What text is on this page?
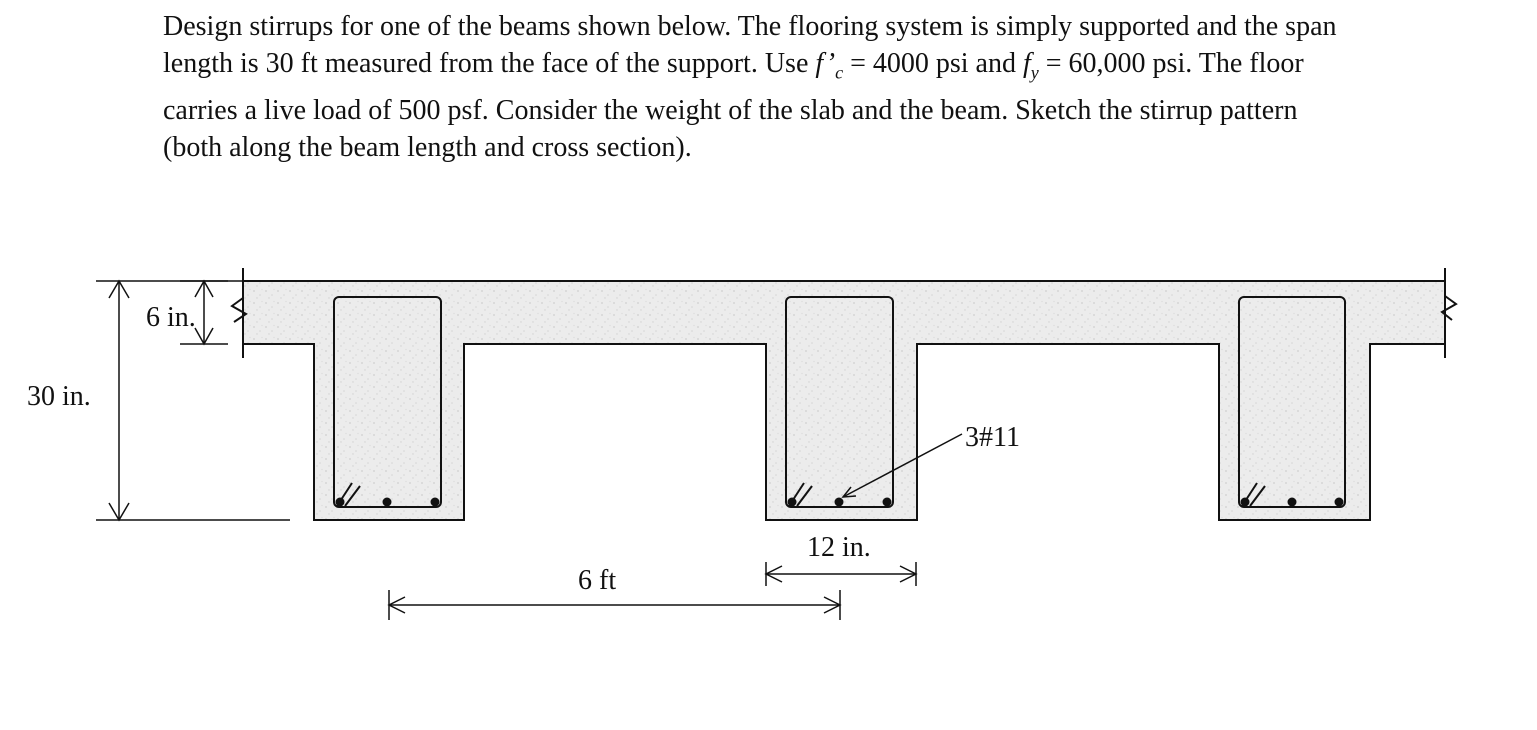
Design stirrups for one of the beams shown below. The flooring system is simply supported and the span
length is 30 ft measured from the face of the support. Use $f’_c = 4000$ psi and $f_y = 60,000$ psi. The floor
carries a live load of 500 psf. Consider the weight of the slab and the beam. Sketch the stirrup pattern
(both along the beam length and cross section).
30 in.
6 in.
3#11
12 in.
6 ft
